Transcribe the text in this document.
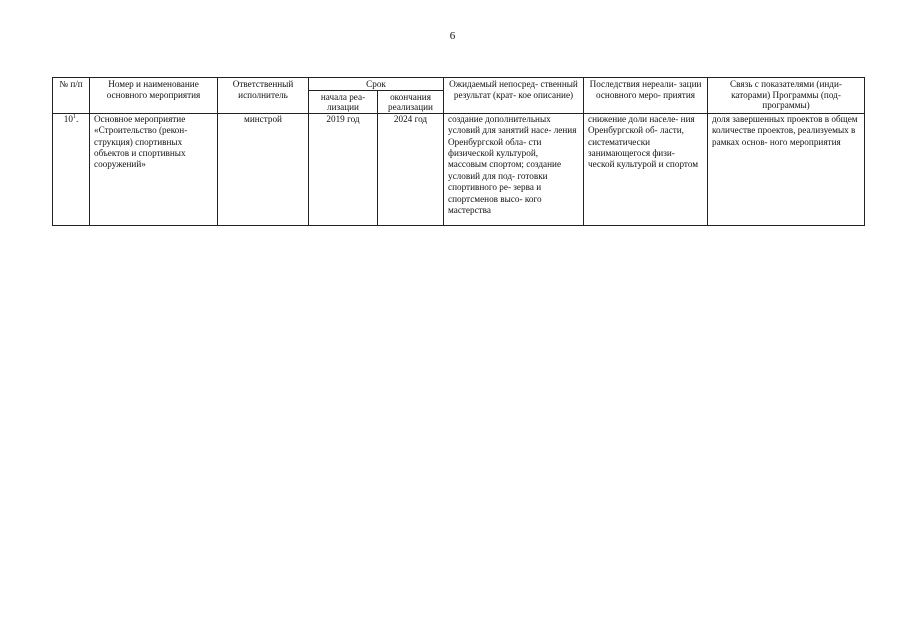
6
№ п/п	Номер и наименование основного мероприятия	Ответственный исполнитель	Срок		Ожидаемый непосред- ственный результат (крат- кое описание)	Последствия нереали- зации основного меро- приятия	Связь с показателями (инди- каторами) Программы (под- программы)
			начала реа- лизации	окончания реализации			
$10^1$.	Основное мероприятие «Строительство (рекон- струкция) спортивных объектов и спортивных сооружений»	минстрой	2019 год	2024 год	создание дополнительных условий для занятий насе- ления Оренбургской обла- сти физической культурой, массовым спортом; создание условий для под- готовки спортивного ре- зерва и спортсменов высо- кого мастерства	снижение доли населе- ния Оренбургской об- ласти, систематически занимающегося физи- ческой культурой и спортом	доля завершенных проектов в общем количестве проектов, реализуемых в рамках основ- ного мероприятия
